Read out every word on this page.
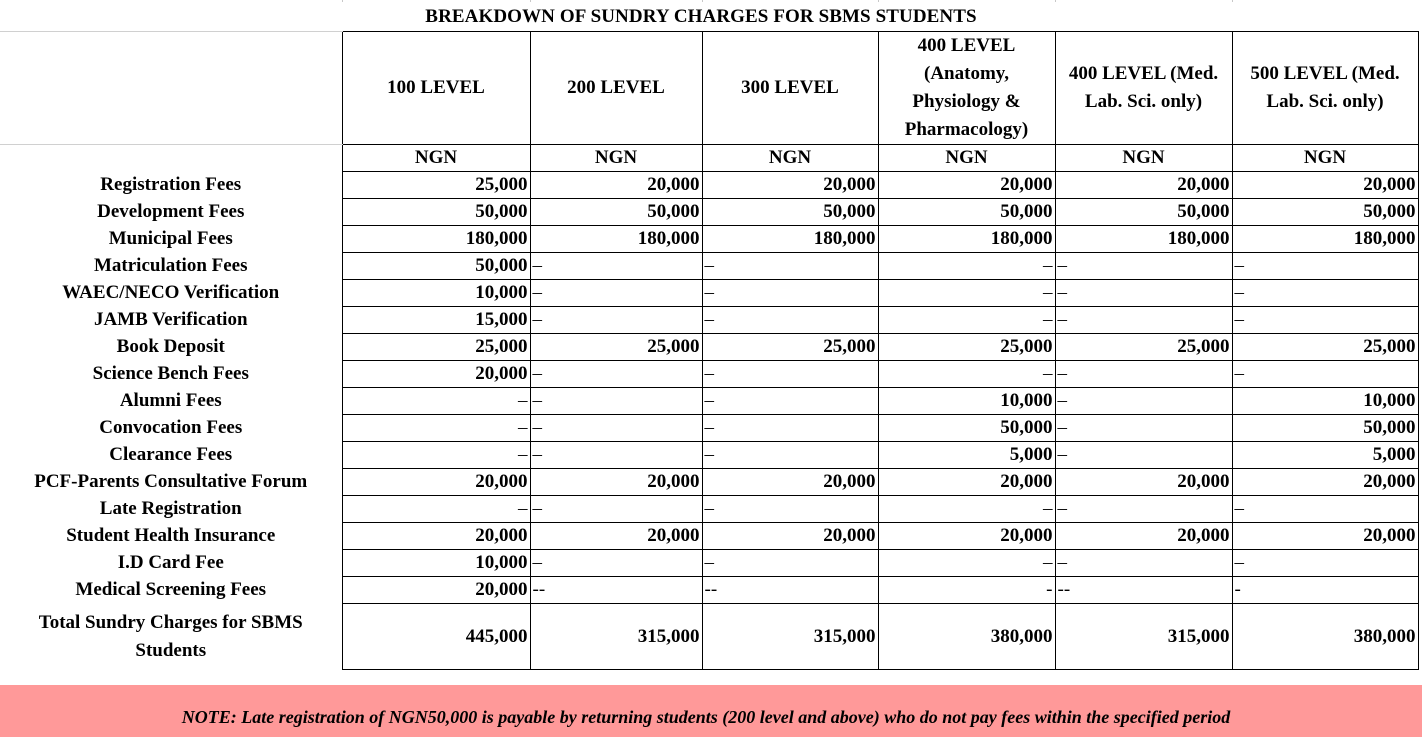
BREAKDOWN OF SUNDRY CHARGES FOR SBMS STUDENTS
	100 LEVEL	200 LEVEL	300 LEVEL	400 LEVEL (Anatomy, Physiology & Pharmacology)	400 LEVEL (Med. Lab. Sci. only)	500 LEVEL (Med. Lab. Sci. only)
	NGN	NGN	NGN	NGN	NGN	NGN
Registration Fees	25,000	20,000	20,000	20,000	20,000	20,000
Development Fees	50,000	50,000	50,000	50,000	50,000	50,000
Municipal Fees	180,000	180,000	180,000	180,000	180,000	180,000
Matriculation Fees	50,000	–	–	–	–	–
WAEC/NECO Verification	10,000	–	–	–	–	–
JAMB Verification	15,000	–	–	–	–	–
Book Deposit	25,000	25,000	25,000	25,000	25,000	25,000
Science Bench Fees	20,000	–	–	–	–	–
Alumni Fees	–	–	–	10,000	–	10,000
Convocation Fees	–	–	–	50,000	–	50,000
Clearance Fees	–	–	–	5,000	–	5,000
PCF-Parents Consultative Forum	20,000	20,000	20,000	20,000	20,000	20,000
Late Registration	–	–	–	–	–	–
Student Health Insurance	20,000	20,000	20,000	20,000	20,000	20,000
I.D Card Fee	10,000	–	–	–	–	–
Medical Screening Fees	20,000	--	--	-	--	-
Total Sundry Charges for SBMS Students	445,000	315,000	315,000	380,000	315,000	380,000
NOTE: Late registration of NGN50,000 is payable by returning students (200 level and above) who do not pay fees within the specified period
